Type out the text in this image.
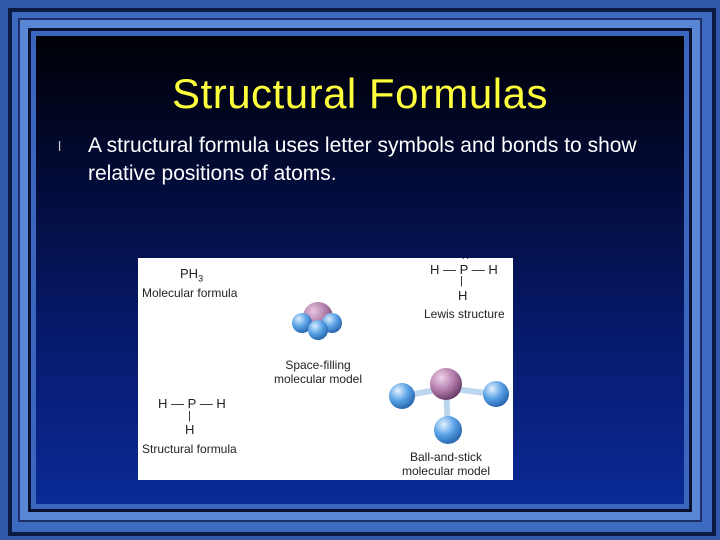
Structural Formulas
l A structural formula uses letter symbols and bonds to show relative positions of atoms.
$PH_3$
Molecular formula
H —
··
P — H
|
H
Lewis structure
Space-filling
molecular model
H — P — H
|
H
Structural formula
Ball-and-stick
molecular model
